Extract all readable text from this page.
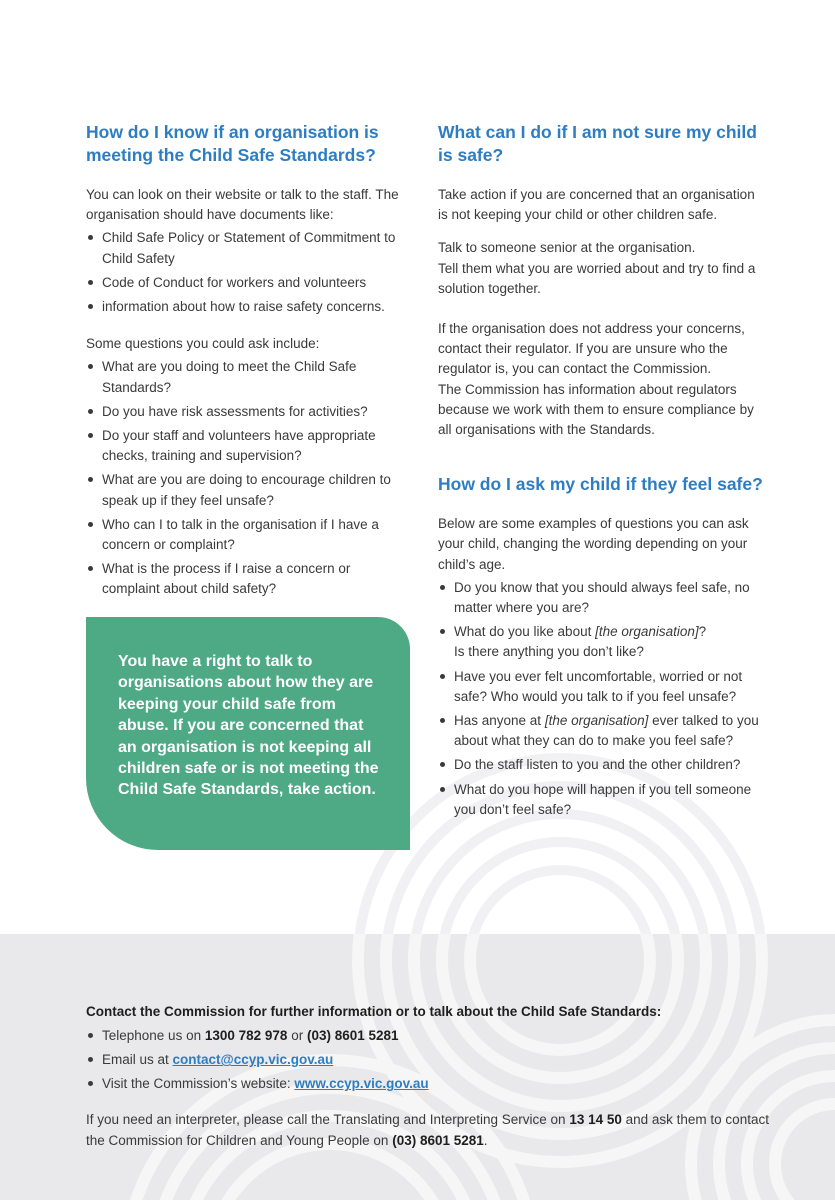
Contact the Commission for further information or to talk about the Child Safe Standards:

Telephone us on 1300 782 978 or (03) 8601 5281
Email us at contact@ccyp.vic.gov.au
Visit the Commission’s website: www.ccyp.vic.gov.au

If you need an interpreter, please call the Translating and Interpreting Service on 13 14 50 and ask them to contact the Commission for Children and Young People on (03) 8601 5281.

How do I know if an organisation is meeting the Child Safe Standards?

You can look on their website or talk to the staff. The organisation should have documents like:

Child Safe Policy or Statement of Commitment to Child Safety
Code of Conduct for workers and volunteers
information about how to raise safety concerns.

Some questions you could ask include:

What are you doing to meet the Child Safe Standards?
Do you have risk assessments for activities?
Do your staff and volunteers have appropriate checks, training and supervision?
What are you are doing to encourage children to speak up if they feel unsafe?
Who can I to talk in the organisation if I have a concern or complaint?
What is the process if I raise a concern or complaint about child safety?

You have a right to talk to organisations about how they are keeping your child safe from abuse. If you are concerned that an organisation is not keeping all children safe or is not meeting the Child Safe Standards, take action.

What can I do if I am not sure my child is safe?

Take action if you are concerned that an organisation is not keeping your child or other children safe.

Talk to someone senior at the organisation.
Tell them what you are worried about and try to find a solution together.

If the organisation does not address your concerns, contact their regulator. If you are unsure who the regulator is, you can contact the Commission.
The Commission has information about regulators because we work with them to ensure compliance by all organisations with the Standards.

How do I ask my child if they feel safe?

Below are some examples of questions you can ask your child, changing the wording depending on your child’s age.

Do you know that you should always feel safe, no matter where you are?
What do you like about [the organisation]?
Is there anything you don’t like?
Have you ever felt uncomfortable, worried or not safe? Who would you talk to if you feel unsafe?
Has anyone at [the organisation] ever talked to you about what they can do to make you feel safe?
Do the staff listen to you and the other children?
What do you hope will happen if you tell someone you don’t feel safe?
